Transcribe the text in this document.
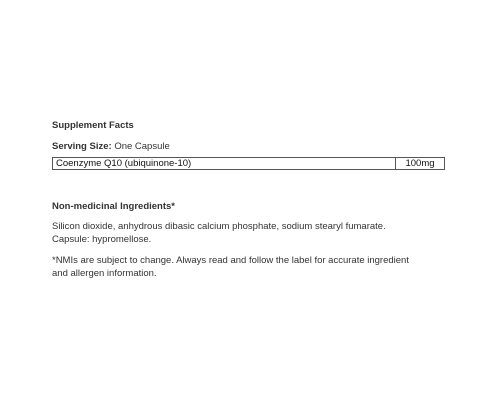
Supplement Facts
Serving Size: One Capsule
Coenzyme Q10 (ubiquinone-10)	100mg
Non-medicinal Ingredients*
Silicon dioxide, anhydrous dibasic calcium phosphate, sodium stearyl fumarate. Capsule: hypromellose.
*NMIs are subject to change. Always read and follow the label for accurate ingredient and allergen information.
